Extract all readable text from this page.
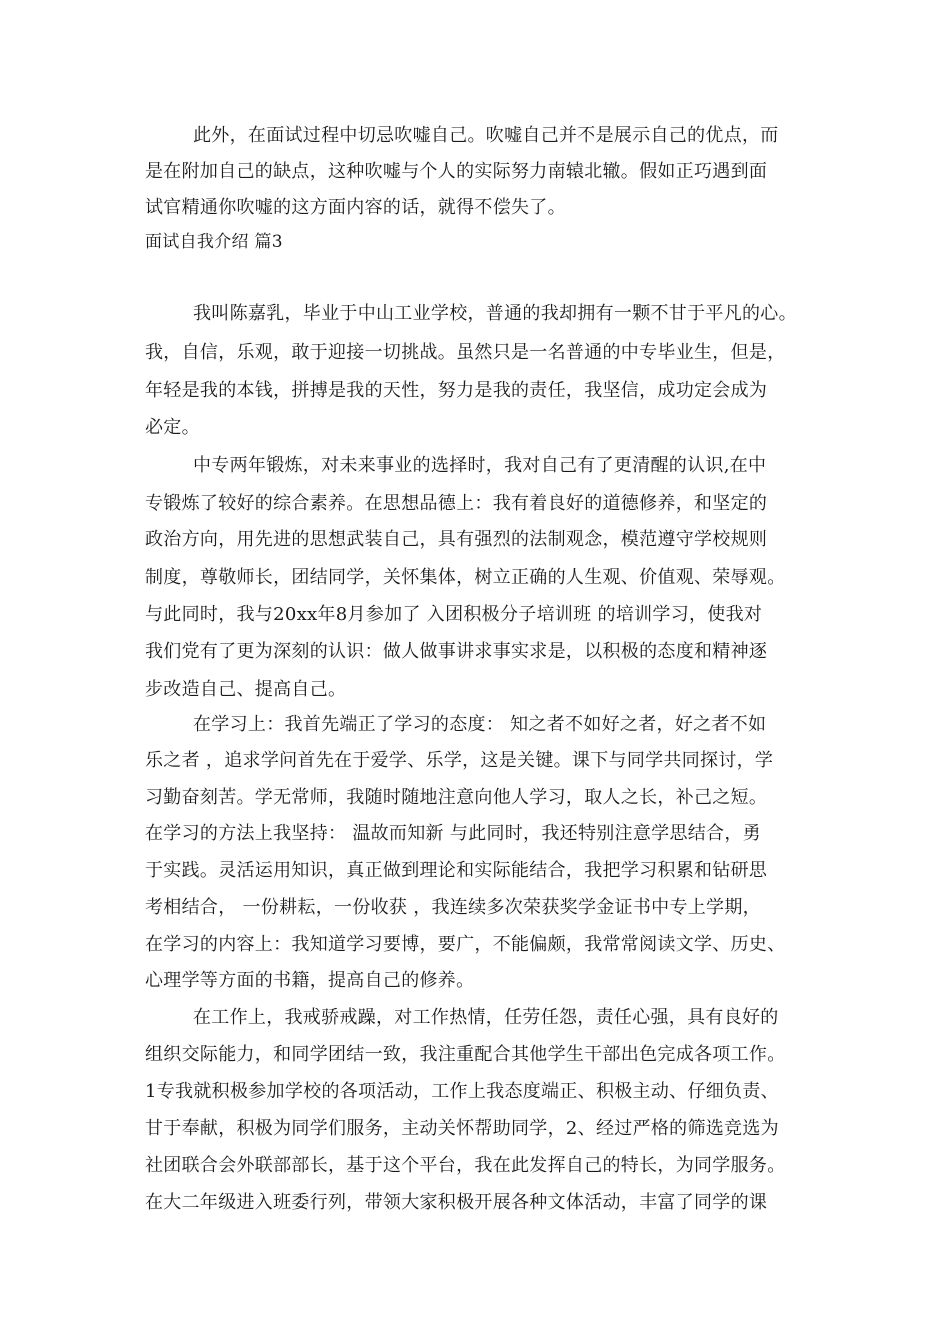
此外，在面试过程中切忌吹嘘自己。吹嘘自己并不是展示自己的优点，而
是在附加自己的缺点，这种吹嘘与个人的实际努力南辕北辙。假如正巧遇到面
试官精通你吹嘘的这方面内容的话，就得不偿失了。
面试自我介绍 篇3
我叫陈嘉乳，毕业于中山工业学校，普通的我却拥有一颗不甘于平凡的心。
我，自信，乐观，敢于迎接一切挑战。虽然只是一名普通的中专毕业生，但是，
年轻是我的本钱，拼搏是我的天性，努力是我的责任，我坚信，成功定会成为
必定。
中专两年锻炼，对未来事业的选择时，我对自己有了更清醒的认识,在中
专锻炼了较好的综合素养。在思想品德上：我有着良好的道德修养，和坚定的
政治方向，用先进的思想武装自己，具有强烈的法制观念，模范遵守学校规则
制度，尊敬师长，团结同学，关怀集体，树立正确的人生观、价值观、荣辱观。
与此同时，我与20xx年8月参加了 入团积极分子培训班 的培训学习，使我对
我们党有了更为深刻的认识：做人做事讲求事实求是，以积极的态度和精神逐
步改造自己、提高自己。
在学习上：我首先端正了学习的态度： 知之者不如好之者，好之者不如
乐之者 ，追求学问首先在于爱学、乐学，这是关键。课下与同学共同探讨，学
习勤奋刻苦。学无常师，我随时随地注意向他人学习，取人之长，补己之短。
在学习的方法上我坚持： 温故而知新 与此同时，我还特别注意学思结合，勇
于实践。灵活运用知识，真正做到理论和实际能结合，我把学习积累和钻研思
考相结合， 一份耕耘，一份收获 ，我连续多次荣获奖学金证书中专上学期，
在学习的内容上：我知道学习要博，要广，不能偏颇，我常常阅读文学、历史、
心理学等方面的书籍，提高自己的修养。
在工作上，我戒骄戒躁，对工作热情，任劳任怨，责任心强，具有良好的
组织交际能力，和同学团结一致，我注重配合其他学生干部出色完成各项工作。
1专我就积极参加学校的各项活动，工作上我态度端正、积极主动、仔细负责、
甘于奉献，积极为同学们服务，主动关怀帮助同学，2、经过严格的筛选竞选为
社团联合会外联部部长，基于这个平台，我在此发挥自己的特长，为同学服务。
在大二年级进入班委行列，带领大家积极开展各种文体活动，丰富了同学的课
